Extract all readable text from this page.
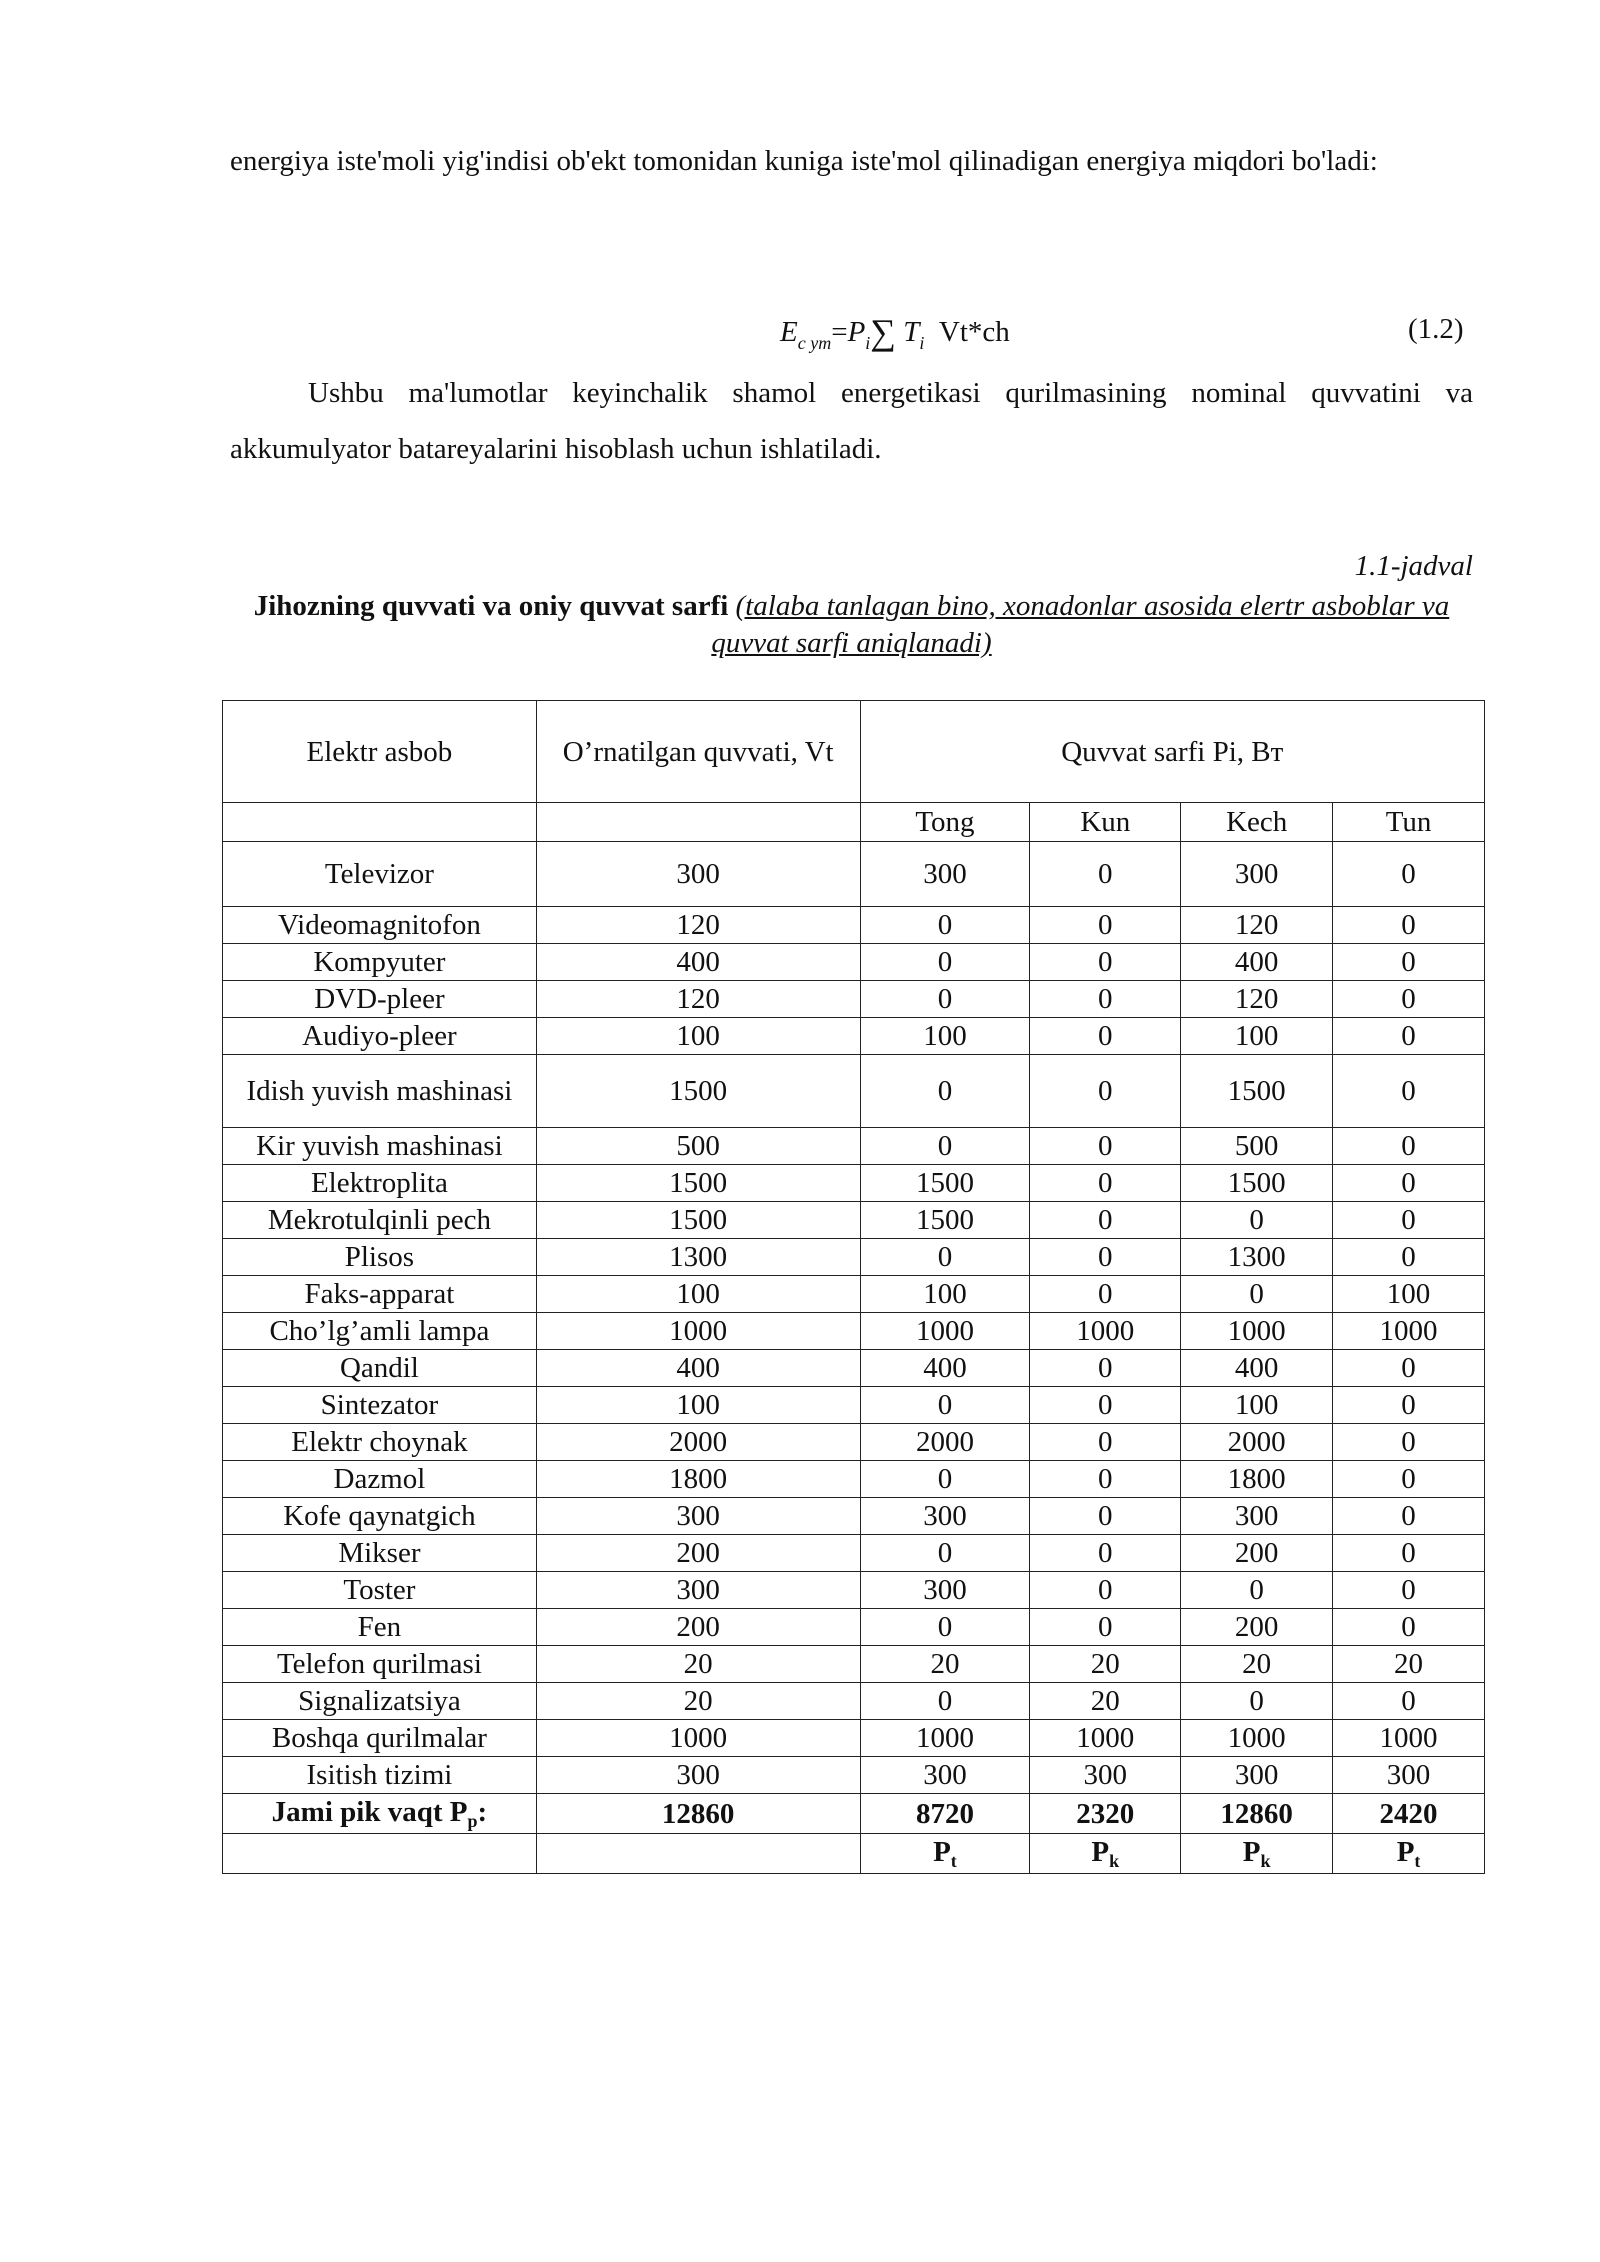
energiya iste'moli yig'indisi ob'ekt tomonidan kuniga iste'mol qilinadigan energiya miqdori bo'ladi:

$E_{c ym}=P_i\sum$ $T_i$ Vt*ch	(1.2)

Ushbu ma'lumotlar keyinchalik shamol energetikasi qurilmasining nominal quvvatini va akkumulyator batareyalarini hisoblash uchun ishlatiladi.

1.1-jadval
Jihozning quvvati va oniy quvvat sarfi (talaba tanlagan bino, xonadonlar asosida elertr asboblar va quvvat sarfi aniqlanadi)
Elektr asbob	O’rnatilgan quvvati, Vt	Quvvat sarfi Pi, Вт			
		Tong	Kun	Kech	Tun
Televizor	300	300	0	300	0
Videomagnitofon	120	0	0	120	0
Kompyuter	400	0	0	400	0
DVD-pleer	120	0	0	120	0
Audiyo-pleer	100	100	0	100	0
Idish yuvish mashinasi	1500	0	0	1500	0
Kir yuvish mashinasi	500	0	0	500	0
Elektroplita	1500	1500	0	1500	0
Mekrotulqinli pech	1500	1500	0	0	0
Plisos	1300	0	0	1300	0
Faks-apparat	100	100	0	0	100
Cho’lg’amli lampa	1000	1000	1000	1000	1000
Qandil	400	400	0	400	0
Sintezator	100	0	0	100	0
Elektr choynak	2000	2000	0	2000	0
Dazmol	1800	0	0	1800	0
Kofe qaynatgich	300	300	0	300	0
Mikser	200	0	0	200	0
Toster	300	300	0	0	0
Fen	200	0	0	200	0
Telefon qurilmasi	20	20	20	20	20
Signalizatsiya	20	0	20	0	0
Boshqa qurilmalar	1000	1000	1000	1000	1000
Isitish tizimi	300	300	300	300	300
Jami pik vaqt $P_p$:	12860	8720	2320	12860	2420
		$P_t$	$P_k$	$P_k$	$P_t$
